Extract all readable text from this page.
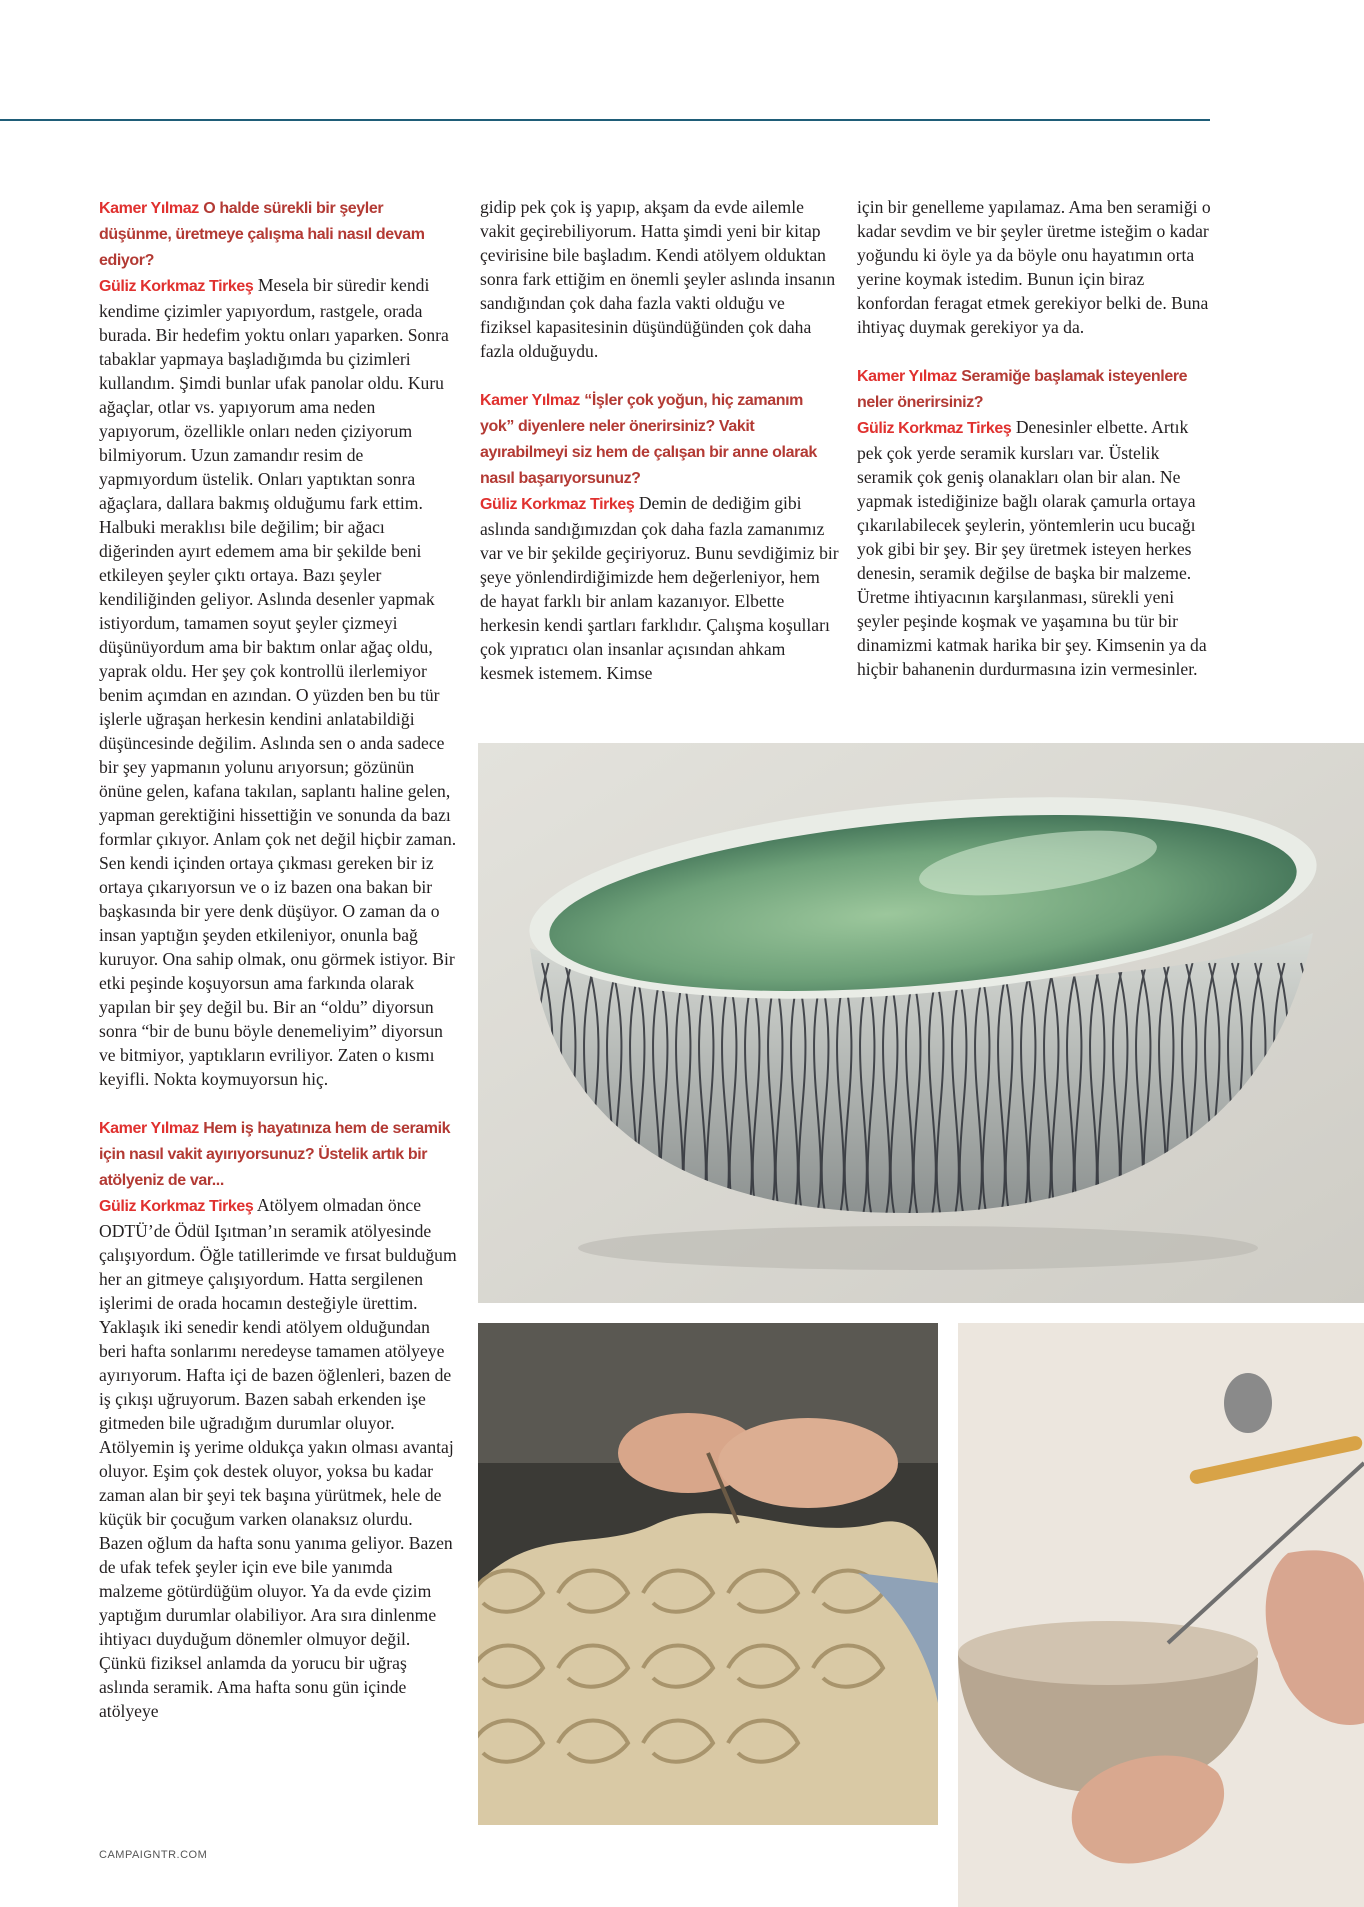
Kamer Yılmaz O halde sürekli bir şeyler düşünme, üretmeye çalışma hali nasıl devam ediyor?
Güliz Korkmaz Tirkeş Mesela bir süredir kendi kendime çizimler yapıyordum, rastgele, orada burada. Bir hedefim yoktu onları yaparken. Sonra tabaklar yapmaya başladığımda bu çizimleri kullandım. Şimdi bunlar ufak panolar oldu. Kuru ağaçlar, otlar vs. yapıyorum ama neden yapıyorum, özellikle onları neden çiziyorum bilmiyorum. Uzun zamandır resim de yapmıyordum üstelik. Onları yaptıktan sonra ağaçlara, dallara bakmış olduğumu fark ettim. Halbuki meraklısı bile değilim; bir ağacı diğerinden ayırt edemem ama bir şekilde beni etkileyen şeyler çıktı ortaya. Bazı şeyler kendiliğinden geliyor. Aslında desenler yapmak istiyordum, tamamen soyut şeyler çizmeyi düşünüyordum ama bir baktım onlar ağaç oldu, yaprak oldu. Her şey çok kontrollü ilerlemiyor benim açımdan en azından. O yüzden ben bu tür işlerle uğraşan herkesin kendini anlatabildiği düşüncesinde değilim. Aslında sen o anda sadece bir şey yapmanın yolunu arıyorsun; gözünün önüne gelen, kafana takılan, saplantı haline gelen, yapman gerektiğini hissettiğin ve sonunda da bazı formlar çıkıyor. Anlam çok net değil hiçbir zaman. Sen kendi içinden ortaya çıkması gereken bir iz ortaya çıkarıyorsun ve o iz bazen ona bakan bir başkasında bir yere denk düşüyor. O zaman da o insan yaptığın şeyden etkileniyor, onunla bağ kuruyor. Ona sahip olmak, onu görmek istiyor. Bir etki peşinde koşuyorsun ama farkında olarak yapılan bir şey değil bu. Bir an “oldu” diyorsun sonra “bir de bunu böyle denemeliyim” diyorsun ve bitmiyor, yaptıkların evriliyor. Zaten o kısmı keyifli. Nokta koymuyorsun hiç.

Kamer Yılmaz Hem iş hayatınıza hem de seramik için nasıl vakit ayırıyorsunuz? Üstelik artık bir atölyeniz de var...
Güliz Korkmaz Tirkeş Atölyem olmadan önce ODTÜ’de Ödül Işıtman’ın seramik atölyesinde çalışıyordum. Öğle tatillerimde ve fırsat bulduğum her an gitmeye çalışıyordum. Hatta sergilenen işlerimi de orada hocamın desteğiyle ürettim. Yaklaşık iki senedir kendi atölyem olduğundan beri hafta sonlarımı neredeyse tamamen atölyeye ayırıyorum. Hafta içi de bazen öğlenleri, bazen de iş çıkışı uğruyorum. Bazen sabah erkenden işe gitmeden bile uğradığım durumlar oluyor. Atölyemin iş yerime oldukça yakın olması avantaj oluyor. Eşim çok destek oluyor, yoksa bu kadar zaman alan bir şeyi tek başına yürütmek, hele de küçük bir çocuğum varken olanaksız olurdu. Bazen oğlum da hafta sonu yanıma geliyor. Bazen de ufak tefek şeyler için eve bile yanımda malzeme götürdüğüm oluyor. Ya da evde çizim yaptığım durumlar olabiliyor. Ara sıra dinlenme ihtiyacı duyduğum dönemler olmuyor değil. Çünkü fiziksel anlamda da yorucu bir uğraş aslında seramik. Ama hafta sonu gün içinde atölyeye

gidip pek çok iş yapıp, akşam da evde ailemle vakit geçirebiliyorum. Hatta şimdi yeni bir kitap çevirisine bile başladım. Kendi atölyem olduktan sonra fark ettiğim en önemli şeyler aslında insanın sandığından çok daha fazla vakti olduğu ve fiziksel kapasitesinin düşündüğünden çok daha fazla olduğuydu.

Kamer Yılmaz “İşler çok yoğun, hiç zamanım yok” diyenlere neler önerirsiniz? Vakit ayırabilmeyi siz hem de çalışan bir anne olarak nasıl başarıyorsunuz?
Güliz Korkmaz Tirkeş Demin de dediğim gibi aslında sandığımızdan çok daha fazla zamanımız var ve bir şekilde geçiriyoruz. Bunu sevdiğimiz bir şeye yönlendirdiğimizde hem değerleniyor, hem de hayat farklı bir anlam kazanıyor. Elbette herkesin kendi şartları farklıdır. Çalışma koşulları çok yıpratıcı olan insanlar açısından ahkam kesmek istemem. Kimse

için bir genelleme yapılamaz. Ama ben seramiği o kadar sevdim ve bir şeyler üretme isteğim o kadar yoğundu ki öyle ya da böyle onu hayatımın orta yerine koymak istedim. Bunun için biraz konfordan feragat etmek gerekiyor belki de. Buna ihtiyaç duymak gerekiyor ya da.

Kamer Yılmaz Seramiğe başlamak isteyenlere neler önerirsiniz?
Güliz Korkmaz Tirkeş Denesinler elbette. Artık pek çok yerde seramik kursları var. Üstelik seramik çok geniş olanakları olan bir alan. Ne yapmak istediğinize bağlı olarak çamurla ortaya çıkarılabilecek şeylerin, yöntemlerin ucu bucağı yok gibi bir şey. Bir şey üretmek isteyen herkes denesin, seramik değilse de başka bir malzeme. Üretme ihtiyacının karşılanması, sürekli yeni şeyler peşinde koşmak ve yaşamına bu tür bir dinamizmi katmak harika bir şey. Kimsenin ya da hiçbir bahanenin durdurmasına izin vermesinler.

CAMPAIGNTR.COM
